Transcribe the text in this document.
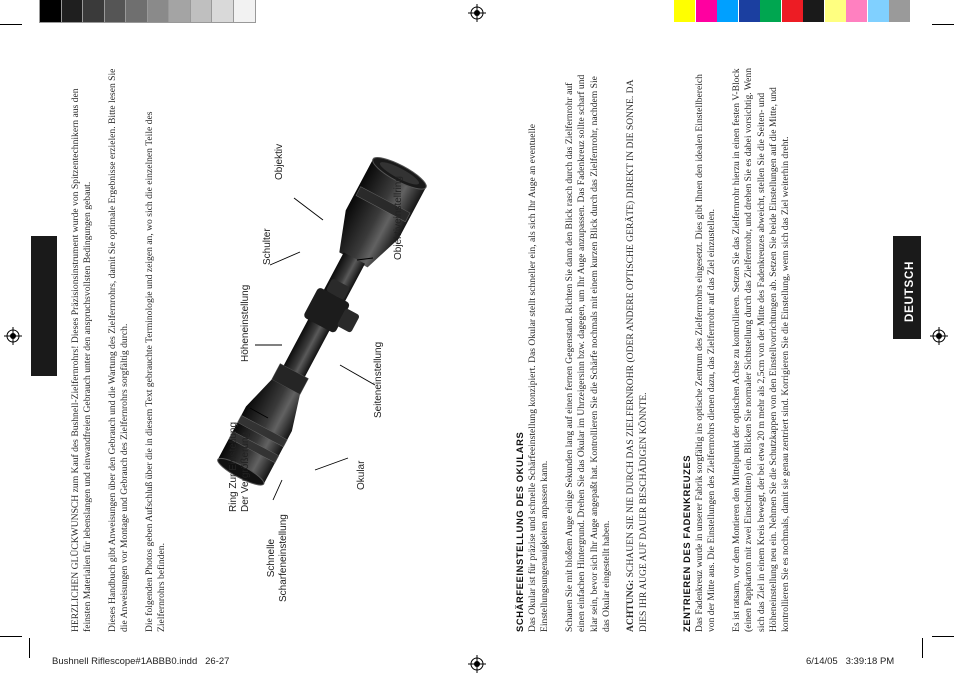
DEUTSCH

HERZLICHEN GLÜCKWUNSCH zum Kauf des Bushnell-Zielfernrohrs! Dieses Präzisionsinstrument wurde von Spitzentechnikern aus den feinsten Materialien für lebenslangen und einwandfreien Gebrauch unter den anspruchsvollsten Bedingungen gebaut. Dieses Handbuch gibt Anweisungen über den Gebrauch und die Wartung des Zielfernrohrs, damit Sie optimale Ergebnisse erzielen. Bitte lesen Sie die Anweisungen vor Montage und Gebrauch des Zielfernrohrs sorgfältig durch. Die folgenden Photos geben Aufschluß über die in diesem Text gebrauchte Terminologie und zeigen an, wo sich die einzelnen Teile des Zielfernrohrs befinden.

Objektiv
Objektiveinstellring
Schulter
Höheneinstellung
Seiteneinstellung
Ring Zur Einstellung
Der Vergrößerung	Okular
Schnelle
Scharfeneinstellung	SCHÄRFEEINSTELLUNG DES OKULARS Das Okular ist für präzise und schnelle Schärfeeinstellung konzipiert. Das Okular stellt schneller ein, als sich Ihr Auge an eventuelle Einstellungsungenauigkeiten anpassen kann. Schauen Sie mit bloßem Auge einige Sekunden lang auf einen fernen Gegenstand. Richten Sie dann den Blick rasch durch das Zielfernrohr auf einen einfachen Hintergrund. Drehen Sie das Okular im Uhrzeigersinn bzw. dagegen, um Ihr Auge anzupassen. Das Fadenkreuz sollte scharf und klar sein, bevor sich Ihr Auge angepaßt hat. Kontrollieren Sie die Schärfe nochmals mit einem kurzen Blick durch das Zielfernrohr, nachdem Sie das Okular eingestellt haben. ACHTUNG: SCHAUEN SIE NIE DURCH DAS ZIELFERNROHR (ODER ANDERE OPTISCHE GERÄTE) DIREKT IN DIE SONNE. DA DIES IHR AUGE AUF DAUER BESCHÄDIGEN KÖNNTE.	ZENTRIEREN DES FADENKREUZES Das Fadenkreuz wurde in unserer Fabrik sorgfältig ins optische Zentrum des Zielfernrohrs eingesetzt. Dies gibt Ihnen den idealen Einstellbereich von der Mitte aus. Die Einstellungen des Zielfernrohrs dienen dazu, das Zielfernrohr auf das Ziel einzustellen. Es ist ratsam, vor dem Montieren den Mittelpunkt der optischen Achse zu kontrollieren. Setzen Sie das Zielfernrohr hierzu in einen festen V-Block (einen Pappkarton mit zwei Einschnitten) ein. Blicken Sie normaler Sichtstellung durch das Zielfernrohr, und drehen Sie es dabei vorsichtig. Wenn sich das Ziel in einem Kreis bewegt, der bei etwa 20 m mehr als 2,5cm von der Mitte des Fadenkreuzes abweicht, stellen Sie die Seiten- und Höheneinstellung neu ein. Nehmen Sie die Schutzkappen von den Einstellvorrichtungen ab. Setzen Sie beide Einstellungen auf die Mitte, und kontrollieren Sie es nochmals, damit sie genau zentriert sind. Korrigieren Sie die Einstellung, wenn sich das Ziel weiterhin dreht.

Bushnell Riflescope#1ABBB0.indd   26-27	6/14/05   3:39:18 PM
